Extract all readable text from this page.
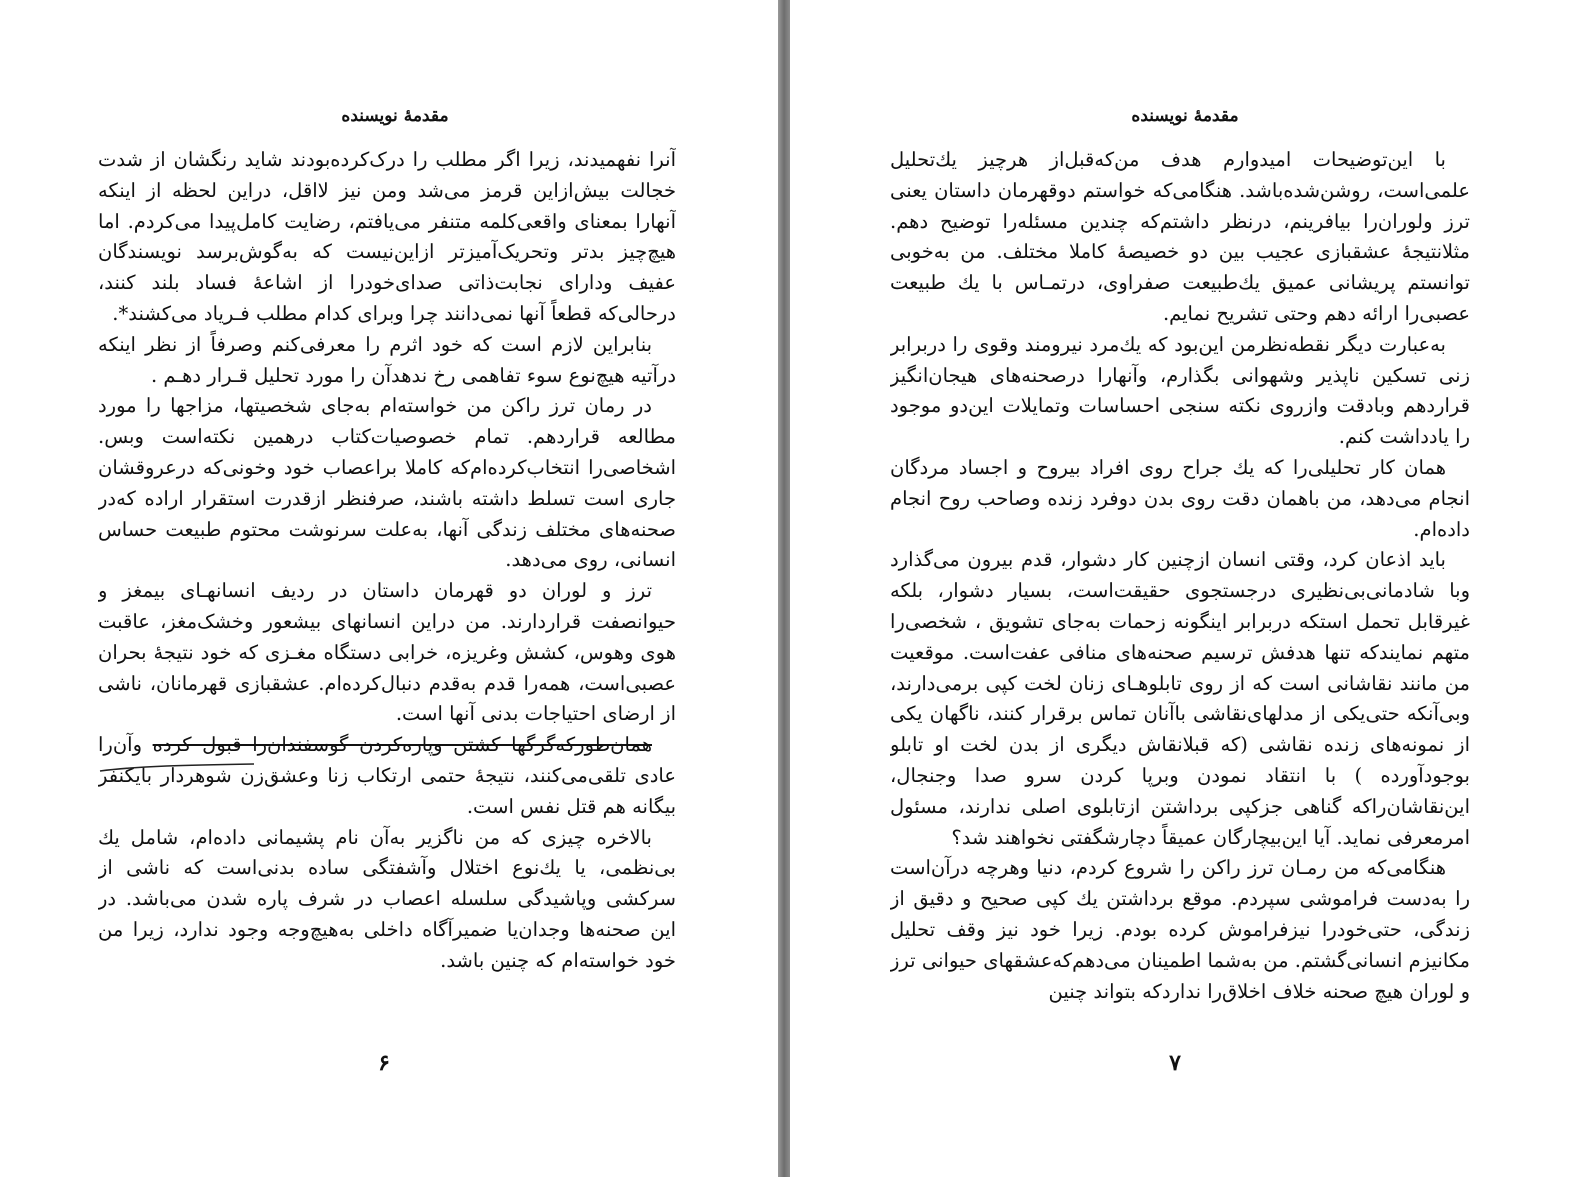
مقدمهٔ نویسنده

آنرا نفهمیدند، زیرا اگر مطلب را درک‌کرده‌بودند شاید رنگشان از شدت خجالت بیش‌ازاین قرمز می‌شد ومن نیز لااقل، دراین لحظه از اینکه آنهارا بمعنای واقعی‌کلمه متنفر می‌یافتم، رضایت کامل‌پیدا می‌کردم. اما هیچ‌چیز بدتر وتحریک‌آمیزتر ازاین‌نیست که به‌گوش‌برسد نویسندگان عفیف ودارای نجابت‌ذاتی صدای‌خودرا از اشاعهٔ فساد بلند کنند، درحالی‌که قطعاً آنها نمی‌دانند چرا وبرای کدام مطلب فـریاد می‌کشند*.

بنابراین لازم است که خود اثرم را معرفی‌کنم وصرفاً از نظر اینکه درآتیه هیچ‌نوع سوء تفاهمی رخ ندهدآن را مورد تحلیل قـرار دهـم .

در رمان ترز راکن من خواسته‌ام به‌جای شخصیتها، مزاجها را مورد مطالعه قراردهم. تمام خصوصیات‌کتاب درهمین نکته‌است وبس. اشخاصی‌را انتخاب‌کرده‌ام‌که کاملا براعصاب خود وخونی‌که درعروقشان جاری است تسلط داشته باشند، صرفنظر ازقدرت استقرار اراده کەدر صحنه‌های مختلف زندگی آنها، به‌علت سرنوشت محتوم طبیعت حساس انسانی، روی می‌دهد.

ترز و لوران دو قهرمان داستان در ردیف انسانهـای بیمغز و حیوانصفت قراردارند. من دراین انسانهای بیشعور وخشک‌مغز، عاقبت هوی وهوس، کشش وغریزه، خرابی دستگاه مغـزی که خود نتیجهٔ بحران عصبی‌است، همه‌را قدم به‌قدم دنبال‌کرده‌ام. عشقبازی قهرمانان، ناشی از ارضای احتیاجات بدنی آنها است.

همان‌طورکه‌گرگها کشتن وپاره‌کردن گوسفندان‌را قبول کرده وآن‌را عادی تلقی‌می‌کنند، نتیجهٔ حتمی ارتکاب زنا وعشق‌زن شوهردار بایکنفر بیگانه هم قتل نفس است.

بالاخره چیزی که من ناگزیر به‌آن نام پشیمانی داده‌ام، شامل یك بی‌نظمی، یا یك‌نوع اختلال وآشفتگی ساده بدنی‌است که ناشی از سرکشی وپاشیدگی سلسله اعصاب در شرف پاره شدن می‌باشد. در این صحنه‌ها وجدان‌یا ضمیرآگاه داخلی به‌هیچ‌وجه وجود ندارد، زیرا من خود خواسته‌ام که چنین باشد.

۶
مقدمهٔ نویسنده

با این‌توضیحات امیدوارم هدف من‌که‌قبل‌از هرچیز یك‌تحلیل علمی‌است، روشن‌شده‌باشد. هنگامی‌که خواستم دوقهرمان داستان یعنی ترز ولوران‌را بیافرینم، درنظر داشتم‌که چندین مسئله‌را توضیح دهم. مثلانتیجهٔ عشقبازی عجیب بین دو خصیصهٔ کاملا مختلف. من به‌خوبی توانستم پریشانی عمیق یك‌طبیعت صفراوی، درتمـاس با یك طبیعت عصبی‌را ارائه دهم وحتی تشریح نمایم.

به‌عبارت دیگر نقطه‌نظرمن این‌بود که یك‌مرد نیرومند وقوی را دربرابر زنی تسکین ناپذیر وشهوانی بگذارم، وآنهارا درصحنه‌های هیجان‌انگیز قراردهم وبادقت وازروی نکته سنجی احساسات وتمایلات این‌دو موجود را یادداشت کنم.

همان کار تحلیلی‌را که یك جراح روی افراد بیروح و اجساد مردگان انجام می‌دهد، من باهمان دقت روی بدن دوفرد زنده وصاحب روح انجام داده‌ام.

باید اذعان کرد، وقتی انسان ازچنین کار دشوار، قدم بیرون می‌گذارد وبا شادمانی‌بی‌نظیری درجستجوی حقیقت‌است، بسیار دشوار، بلکه غیرقابل تحمل استکه دربرابر اینگونه زحمات به‌جای تشویق ، شخصی‌را متهم نمایندکه تنها هدفش ترسیم صحنه‌های منافی عفت‌است. موقعیت من مانند نقاشانی است که از روی تابلوهـای زنان لخت کپی برمی‌دارند، وبی‌آنکه حتی‌یکی از مدلهای‌نقاشی باآنان تماس برقرار کنند، ناگهان یکی از نمونه‌های زنده نقاشی (که قبلانقاش دیگری از بدن لخت او تابلو بوجودآورده ) با انتقاد نمودن وبرپا کردن سرو صدا وجنجال، این‌نقاشان‌را‌که گناهی جزکپی برداشتن ازتابلوی اصلی ندارند، مسئول امرمعرفی نماید. آیا این‌بیچارگان عمیقاً دچارشگفتی نخواهند شد؟

هنگامی‌که من رمـان ترز راکن را شروع کردم، دنیا وهرچه درآن‌است را به‌دست فراموشی سپردم. موقع برداشتن یك کپی صحیح و دقیق از زندگی، حتی‌خودرا نیزفراموش کرده بودم. زیرا خود نیز وقف تحلیل مکانیزم انسانی‌گشتم. من به‌شما اطمینان می‌دهم‌که‌عشقهای حیوانی ترز و لوران هیچ صحنه خلاف اخلاق‌را نداردکه بتواند چنین

۷
